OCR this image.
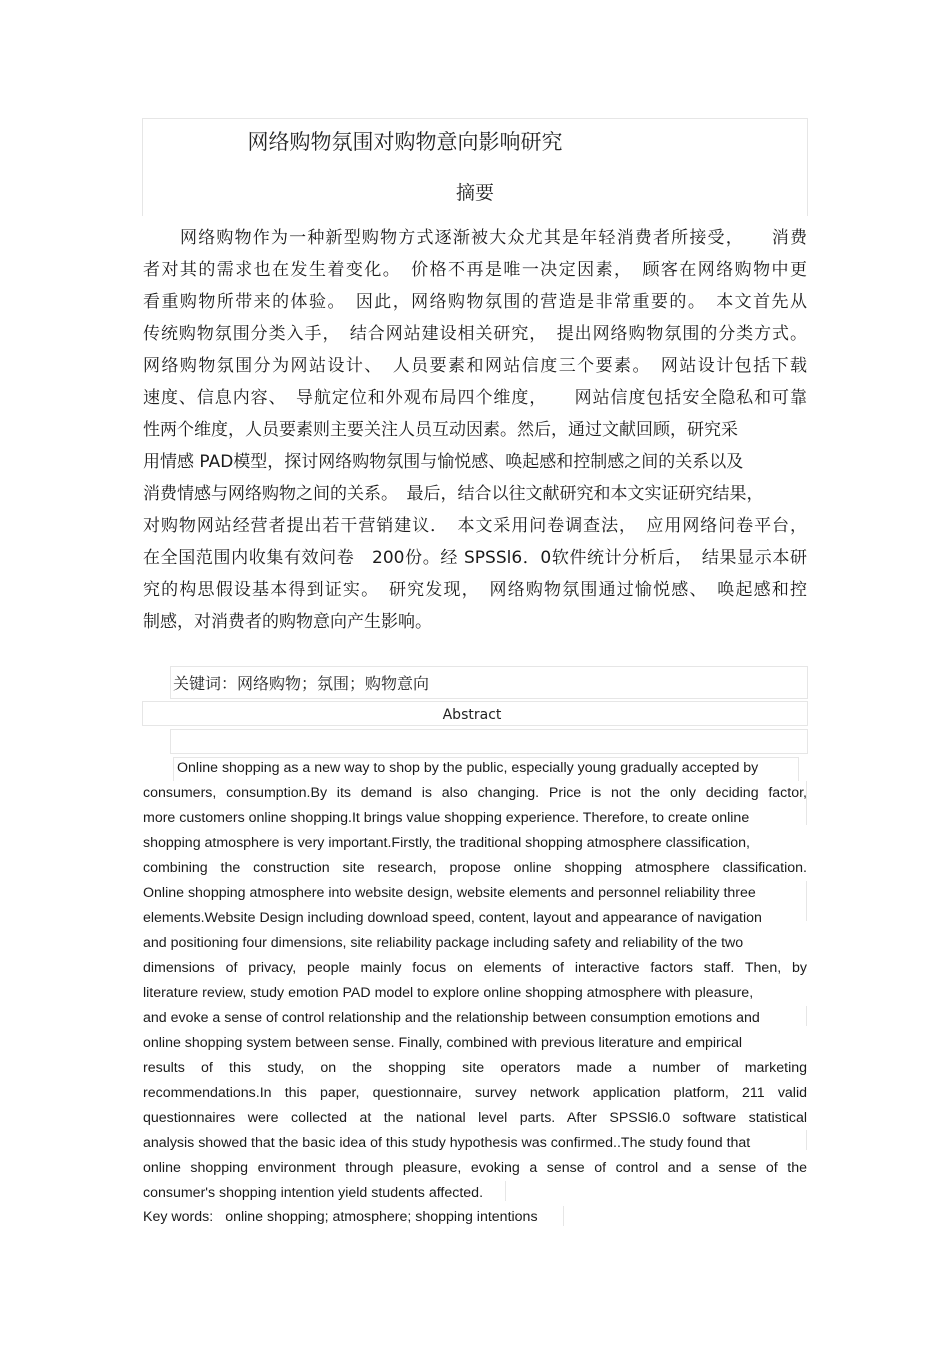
网络购物氛围对购物意向影响研究
摘要
网络购物作为一种新型购物方式逐渐被大众尤其是年轻消费者所接受，　　消费
者对其的需求也在发生着变化。　价格不再是唯一决定因素，　顾客在网络购物中更
看重购物所带来的体验。　因此，网络购物氛围的营造是非常重要的。　本文首先从
传统购物氛围分类入手，　结合网站建设相关研究，　提出网络购物氛围的分类方式。
网络购物氛围分为网站设计、　人员要素和网站信度三个要素。　网站设计包括下载
速度、信息内容、　导航定位和外观布局四个维度，　　网站信度包括安全隐私和可靠
性两个维度，人员要素则主要关注人员互动因素。然后，通过文献回顾，研究采
用情感 PAD模型，探讨网络购物氛围与愉悦感、唤起感和控制感之间的关系以及
消费情感与网络购物之间的关系。　最后，结合以往文献研究和本文实证研究结果，
对购物网站经营者提出若干营销建议．　本文采用问卷调查法，　应用网络问卷平台，
在全国范围内收集有效问卷　200份。经 SPSSl6．0软件统计分析后，　结果显示本研
究的构思假设基本得到证实。　研究发现，　网络购物氛围通过愉悦感、　唤起感和控
制感，对消费者的购物意向产生影响。
关键词：网络购物；氛围；购物意向
Abstract
Online shopping as a new way to shop by the public, especially young gradually accepted by
consumers, consumption.By its demand is also changing. Price is not the only deciding factor,
more customers online shopping.It brings value shopping experience. Therefore, to create online
shopping atmosphere is very important.Firstly, the traditional shopping atmosphere classification,
combining the construction site research, propose online shopping atmosphere classification.
Online shopping atmosphere into website design, website elements and personnel reliability three
elements.Website Design including download speed, content, layout and appearance of navigation
and positioning four dimensions, site reliability package including safety and reliability of the two
dimensions of privacy, people mainly focus on elements of interactive factors staff. Then, by
literature review, study emotion PAD model to explore online shopping atmosphere with pleasure,
and evoke a sense of control relationship and the relationship between consumption emotions and
online shopping system between sense. Finally, combined with previous literature and empirical
results of this study, on the shopping site operators made a number of marketing
recommendations.In this paper, questionnaire, survey network application platform, 211 valid
questionnaires were collected at the national level parts. After SPSSl6.0 software statistical
analysis showed that the basic idea of this study hypothesis was confirmed..The study found that
online shopping environment through pleasure, evoking a sense of control and a sense of the
consumer's shopping intention yield students affected.
Key words: online shopping; atmosphere; shopping intentions
